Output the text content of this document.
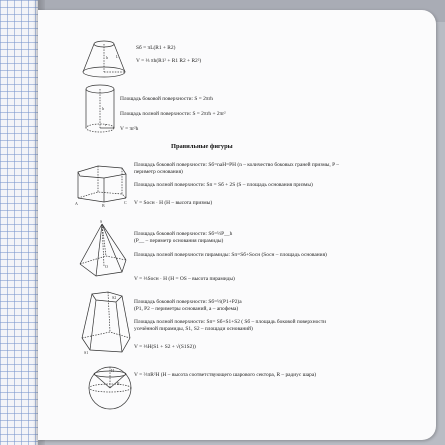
h L
Sб = πL(R1 + R2)
V = ⅓ πh(R1² + R1 R2 + R2²)
h
r
Площадь боковой поверхности: S = 2πrh
Площадь полной поверхности: S = 2πrh + 2πr²
V = πr²h
Правильные фигуры
A	B
C
Площадь боковой поверхности: Sб=naH=PH (n – количество боковых граней призмы, P – периметр основания)
Площадь полной поверхности: Sп = Sб + 2S (S – площадь основания призмы)
V = Sосн · H (H – высота призмы)
S
O
Площадь боковой поверхности: Sб=½P__h
(P__ – периметр основания пирамиды)
Площадь полной поверхности пирамиды: Sп=Sб+Sосн (Sосн – площадь основания)
V = ⅓Sосн · H (H = OS – высота пирамиды)
S1
S2
Площадь боковой поверхности: Sб=½(P1+P2)a
(P1, P2 – периметры оснований, a – апофема)
Площадь полной поверхности: Sп= Sб+S1+S2 ( Sб – площадь боковой поверхности усечённой пирамиды, S1, S2 – площади оснований)
V = ⅓H(S1 + S2 + √(S1S2))
H
R
V = ⅔πR²H (H – высота соответствующего шарового сектора, R – радиус шара)
